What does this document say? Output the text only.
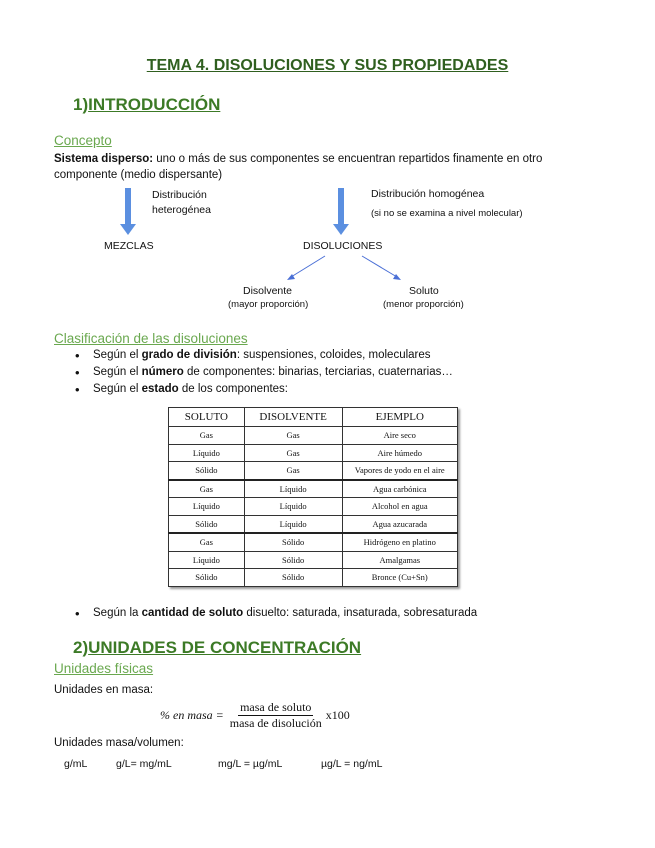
TEMA 4. DISOLUCIONES Y SUS PROPIEDADES
1)INTRODUCCIÓN
Concepto
Sistema disperso: uno o más de sus componentes se encuentran repartidos finamente en otro componente (medio dispersante)
Distribución
heterogénea
MEZCLAS
Distribución homogénea
(si no se examina a nivel molecular)
DISOLUCIONES
Disolvente
(mayor proporción)
Soluto
(menor proporción)
Clasificación de las disoluciones
• Según el grado de división: suspensiones, coloides, moleculares
• Según el número de componentes: binarias, terciarias, cuaternarias…
• Según el estado de los componentes:
SOLUTO	DISOLVENTE	EJEMPLO
Gas	Gas	Aire seco
Líquido	Gas	Aire húmedo
Sólido	Gas	Vapores de yodo en el aire
Gas	Líquido	Agua carbónica
Líquido	Líquido	Alcohol en agua
Sólido	Líquido	Agua azucarada
Gas	Sólido	Hidrógeno en platino
Líquido	Sólido	Amalgamas
Sólido	Sólido	Bronce (Cu+Sn)
• Según la cantidad de soluto disuelto: saturada, insaturada, sobresaturada
2)UNIDADES DE CONCENTRACIÓN
Unidades físicas
Unidades en masa:
% en masa =
masa de soluto
masa de disolución
x100
Unidades masa/volumen:
g/mL	g/L= mg/mL	mg/L = µg/mL	µg/L = ng/mL
